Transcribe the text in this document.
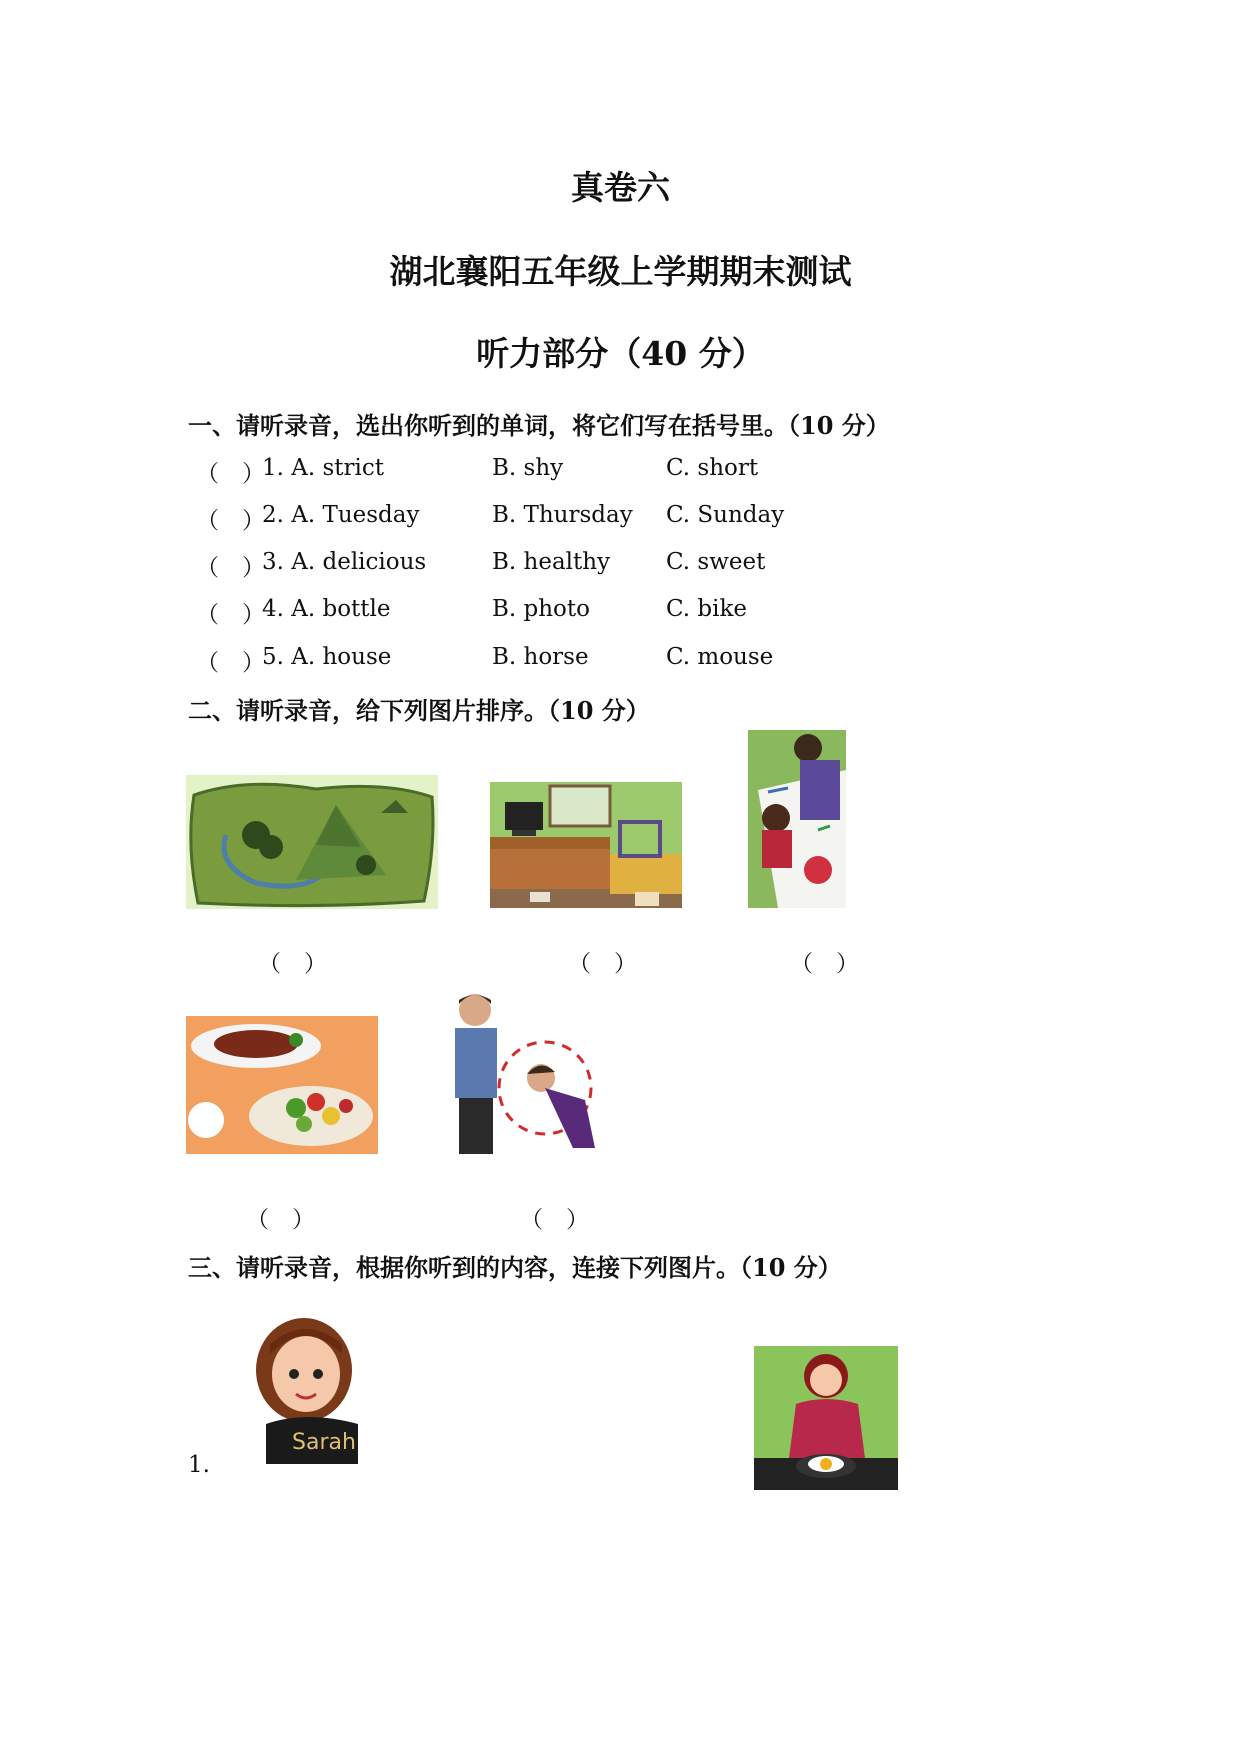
真卷六
湖北襄阳五年级上学期期末测试
听力部分（40 分）
一、请听录音，选出你听到的单词，将它们写在括号里。（10 分）
（　）
1. A. strict	B. shy	C. short
（　）
2. A. Tuesday	B. Thursday C. Sunday
（　）
3. A. delicious	B. healthy C. sweet
（　）
4. A. bottle	B. photo	C. bike
（　）
5. A. house	B. horse	C. mouse
二、请听录音，给下列图片排序。（10 分）
（　）	（　）	（　）
（　）	（　）
三、请听录音，根据你听到的内容，连接下列图片。（10 分）
Sarah
1.
